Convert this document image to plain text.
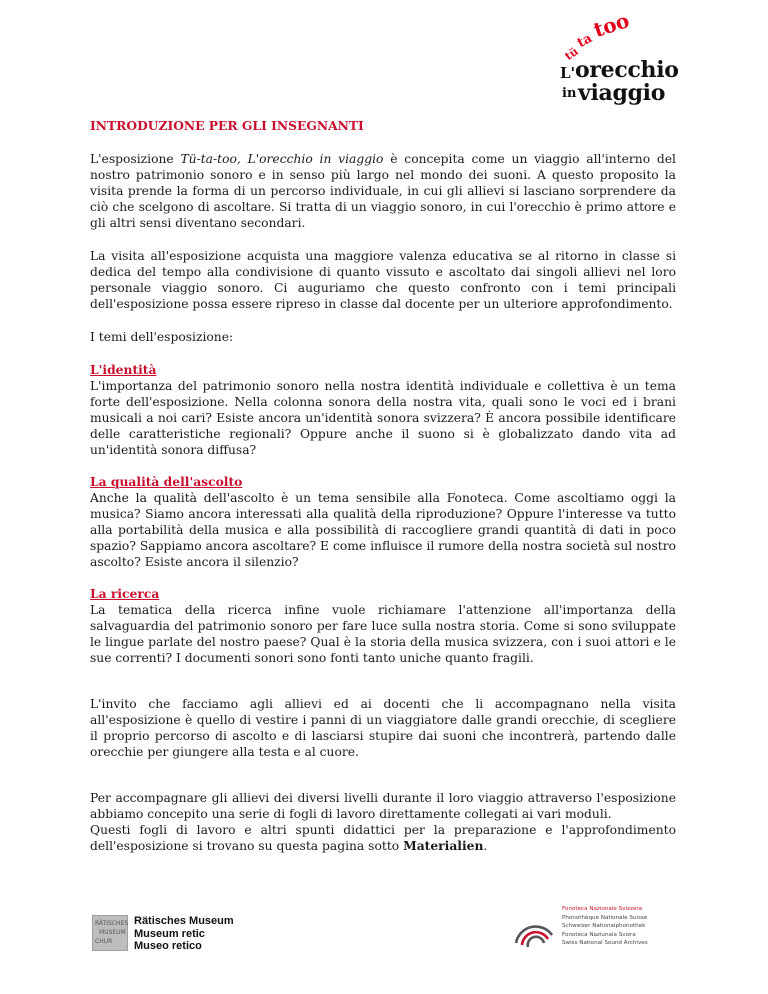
tü
ta
too
L' orecchio
in viaggio
INTRODUZIONE PER GLI INSEGNANTI

L'esposizione Tü-ta-too, L'orecchio in viaggio è concepita come un viaggio all'interno del nostro patrimonio sonoro e in senso più largo nel mondo dei suoni. A questo proposito la visita prende la forma di un percorso individuale, in cui gli allievi si lasciano sorprendere da ciò che scelgono di ascoltare. Si tratta di un viaggio sonoro, in cui l'orecchio è primo attore e gli altri sensi diventano secondari.

La visita all'esposizione acquista una maggiore valenza educativa se al ritorno in classe si dedica del tempo alla condivisione di quanto vissuto e ascoltato dai singoli allievi nel loro personale viaggio sonoro. Ci auguriamo che questo confronto con i temi principali dell'esposizione possa essere ripreso in classe dal docente per un ulteriore approfondimento.

I temi dell'esposizione:

L'identità

L'importanza del patrimonio sonoro nella nostra identità individuale e collettiva è un tema forte dell'esposizione. Nella colonna sonora della nostra vita, quali sono le voci ed i brani musicali a noi cari? Esiste ancora un'identità sonora svizzera? È ancora possibile identificare delle caratteristiche regionali? Oppure anche il suono si è globalizzato dando vita ad un'identità sonora diffusa?

La qualità dell'ascolto

Anche la qualità dell'ascolto è un tema sensibile alla Fonoteca. Come ascoltiamo oggi la musica? Siamo ancora interessati alla qualità della riproduzione? Oppure l'interesse va tutto alla portabilità della musica e alla possibilità di raccogliere grandi quantità di dati in poco spazio? Sappiamo ancora ascoltare? E come influisce il rumore della nostra società sul nostro ascolto? Esiste ancora il silenzio?

La ricerca

La tematica della ricerca infine vuole richiamare l'attenzione all'importanza della salvaguardia del patrimonio sonoro per fare luce sulla nostra storia. Come si sono sviluppate le lingue parlate del nostro paese? Qual è la storia della musica svizzera, con i suoi attori e le sue correnti? I documenti sonori sono fonti tanto uniche quanto fragili.

L'invito che facciamo agli allievi ed ai docenti che li accompagnano nella visita all'esposizione è quello di vestire i panni di un viaggiatore dalle grandi orecchie, di scegliere il proprio percorso di ascolto e di lasciarsi stupire dai suoni che incontrerà, partendo dalle orecchie per giungere alla testa e al cuore.

Per accompagnare gli allievi dei diversi livelli durante il loro viaggio attraverso l'esposizione abbiamo concepito una serie di fogli di lavoro direttamente collegati ai vari moduli.

Questi fogli di lavoro e altri spunti didattici per la preparazione e l'approfondimento dell'esposizione si trovano su questa pagina sotto Materialien.

RÄTISCHES
MUSEUM
CHUR
Rätisches Museum
Museum retic
Museo retico
Fonoteca Nazionale Svizzera
Phonothèque Nationale Suisse
Schweizer Nationalphonothek
Fonoteca Naziunala Svizra
Swiss National Sound Archives
